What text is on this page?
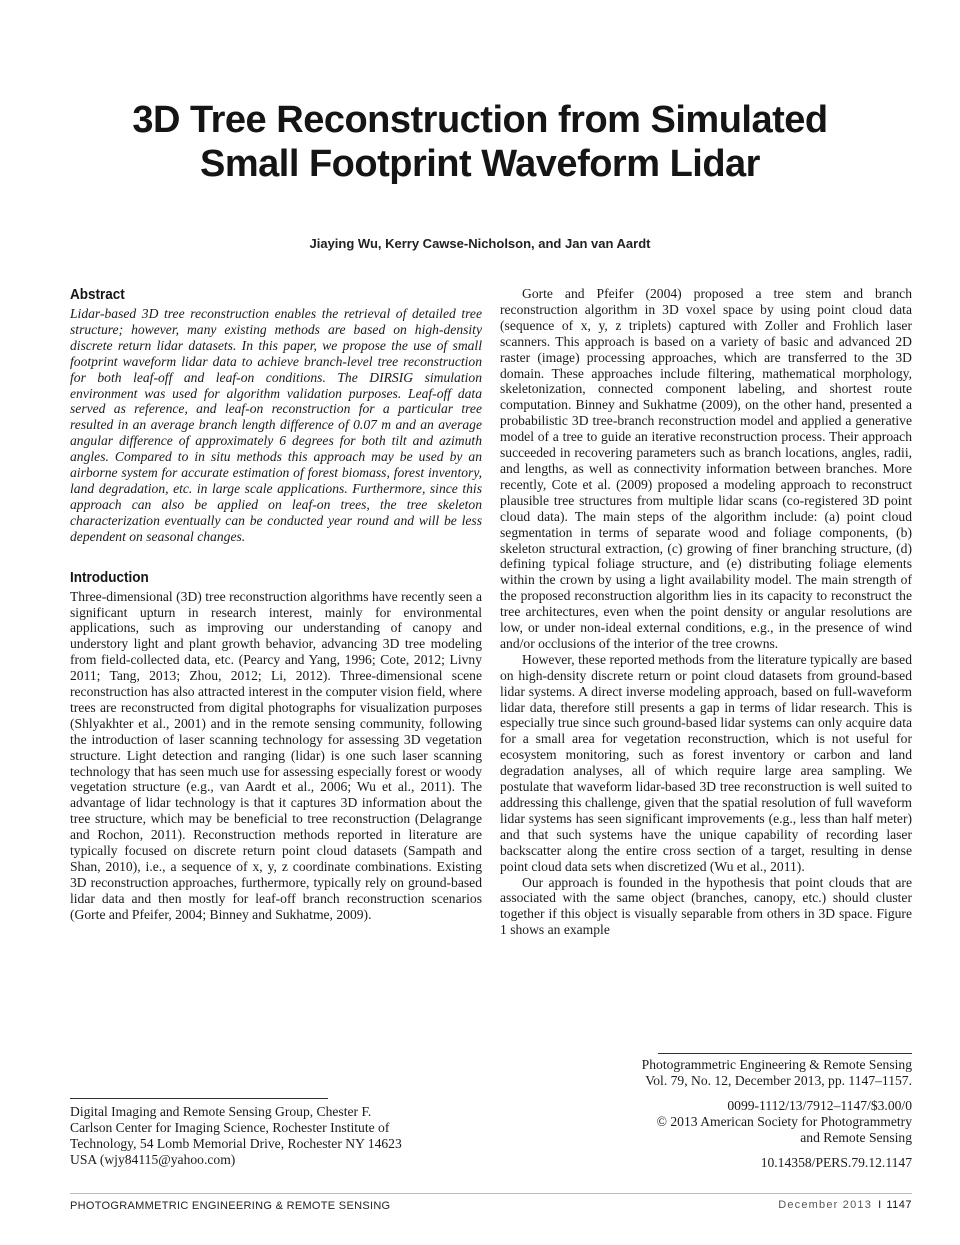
3D Tree Reconstruction from Simulated
Small Footprint Waveform Lidar
Jiaying Wu, Kerry Cawse-Nicholson, and Jan van Aardt
Abstract

Lidar-based 3D tree reconstruction enables the retrieval of detailed tree structure; however, many existing methods are based on high-density discrete return lidar datasets. In this paper, we propose the use of small footprint waveform lidar data to achieve branch-level tree reconstruction for both leaf-off and leaf-on conditions. The DIRSIG simulation environment was used for algorithm validation purposes. Leaf-off data served as reference, and leaf-on reconstruction for a particular tree resulted in an average branch length difference of 0.07 m and an average angular difference of approximately 6 degrees for both tilt and azimuth angles. Compared to in situ methods this approach may be used by an airborne system for accurate estimation of forest biomass, forest inventory, land degradation, etc. in large scale applications. Furthermore, since this approach can also be applied on leaf-on trees, the tree skeleton characterization eventually can be conducted year round and will be less dependent on seasonal changes.

Introduction

Three-dimensional (3D) tree reconstruction algorithms have recently seen a significant upturn in research interest, mainly for environmental applications, such as improving our understanding of canopy and understory light and plant growth behavior, advancing 3D tree modeling from field-collected data, etc. (Pearcy and Yang, 1996; Cote, 2012; Livny 2011; Tang, 2013; Zhou, 2012; Li, 2012). Three-dimensional scene reconstruction has also attracted interest in the computer vision field, where trees are reconstructed from digital photographs for visualization purposes (Shlyakhter et al., 2001) and in the remote sensing community, following the introduction of laser scanning technology for assessing 3D vegetation structure. Light detection and ranging (lidar) is one such laser scanning technology that has seen much use for assessing especially forest or woody vegetation structure (e.g., van Aardt et al., 2006; Wu et al., 2011). The advantage of lidar technology is that it captures 3D information about the tree structure, which may be beneficial to tree reconstruction (Delagrange and Rochon, 2011). Reconstruction methods reported in literature are typically focused on discrete return point cloud datasets (Sampath and Shan, 2010), i.e., a sequence of x, y, z coordinate combinations. Existing 3D reconstruction approaches, furthermore, typically rely on ground-based lidar data and then mostly for leaf-off branch reconstruction scenarios (Gorte and Pfeifer, 2004; Binney and Sukhatme, 2009).

Gorte and Pfeifer (2004) proposed a tree stem and branch reconstruction algorithm in 3D voxel space by using point cloud data (sequence of x, y, z triplets) captured with Zoller and Frohlich laser scanners. This approach is based on a variety of basic and advanced 2D raster (image) processing approaches, which are transferred to the 3D domain. These approaches include filtering, mathematical morphology, skeletonization, connected component labeling, and shortest route computation. Binney and Sukhatme (2009), on the other hand, presented a probabilistic 3D tree-branch reconstruction model and applied a generative model of a tree to guide an iterative reconstruction process. Their approach succeeded in recovering parameters such as branch locations, angles, radii, and lengths, as well as connectivity information between branches. More recently, Cote et al. (2009) proposed a modeling approach to reconstruct plausible tree structures from multiple lidar scans (co-registered 3D point cloud data). The main steps of the algorithm include: (a) point cloud segmentation in terms of separate wood and foliage components, (b) skeleton structural extraction, (c) growing of finer branching structure, (d) defining typical foliage structure, and (e) distributing foliage elements within the crown by using a light availability model. The main strength of the proposed reconstruction algorithm lies in its capacity to reconstruct the tree architectures, even when the point density or angular resolutions are low, or under non-ideal external conditions, e.g., in the presence of wind and/or occlusions of the interior of the tree crowns.

However, these reported methods from the literature typically are based on high-density discrete return or point cloud datasets from ground-based lidar systems. A direct inverse modeling approach, based on full-waveform lidar data, therefore still presents a gap in terms of lidar research. This is especially true since such ground-based lidar systems can only acquire data for a small area for vegetation reconstruction, which is not useful for ecosystem monitoring, such as forest inventory or carbon and land degradation analyses, all of which require large area sampling. We postulate that waveform lidar-based 3D tree reconstruction is well suited to addressing this challenge, given that the spatial resolution of full waveform lidar systems has seen significant improvements (e.g., less than half meter) and that such systems have the unique capability of recording laser backscatter along the entire cross section of a target, resulting in dense point cloud data sets when discretized (Wu et al., 2011).

Our approach is founded in the hypothesis that point clouds that are associated with the same object (branches, canopy, etc.) should cluster together if this object is visually separable from others in 3D space. Figure 1 shows an example

Photogrammetric Engineering & Remote Sensing
Vol. 79, No. 12, December 2013, pp. 1147–1157.
0099-1112/13/7912–1147/$3.00/0
© 2013 American Society for Photogrammetry
and Remote Sensing
10.14358/PERS.79.12.1147
Digital Imaging and Remote Sensing Group, Chester F.
Carlson Center for Imaging Science, Rochester Institute of
Technology, 54 Lomb Memorial Drive, Rochester NY 14623
USA (wjy84115@yahoo.com)
PHOTOGRAMMETRIC ENGINEERING & REMOTE SENSING	December 2013 I 1147
